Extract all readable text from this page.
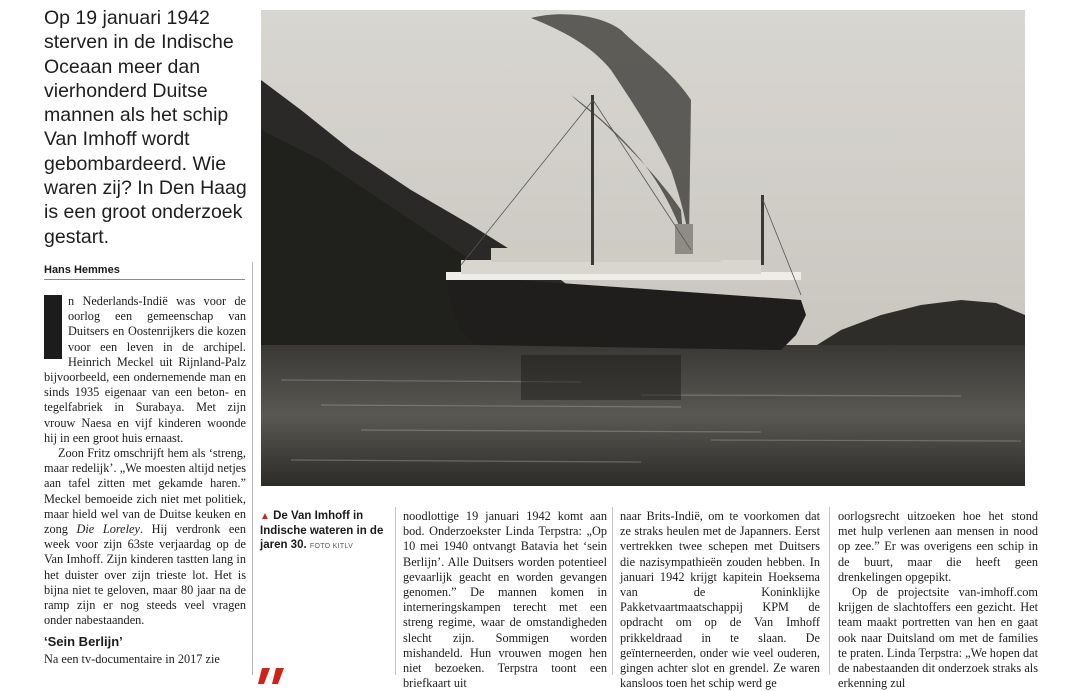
Op 19 januari 1942 sterven in de Indische Oceaan meer dan vierhonderd Duitse mannen als het schip Van Imhoff wordt gebombardeerd. Wie waren zij? In Den Haag is een groot onderzoek gestart.

Hans Hemmes

n Nederlands-Indië was voor de oorlog een gemeenschap van Duitsers en Oostenrijkers die kozen voor een leven in de archipel. Heinrich Meckel uit Rijnland-Palz bijvoorbeeld, een ondernemende man en sinds 1935 eigenaar van een beton- en tegelfabriek in Surabaya. Met zijn vrouw Naesa en vijf kinderen woonde hij in een groot huis ernaast.

Zoon Fritz omschrijft hem als ‘streng, maar redelijk’. „We moesten altijd netjes aan tafel zitten met gekamde haren.” Meckel bemoeide zich niet met politiek, maar hield wel van de Duitse keuken en zong Die Loreley. Hij verdronk een week voor zijn 63ste verjaardag op de Van Imhoff. Zijn kinderen tastten lang in het duister over zijn trieste lot. Het is bijna niet te geloven, maar 80 jaar na de ramp zijn er nog steeds veel vragen onder nabestaanden.

‘Sein Berlijn’

Na een tv-documentaire in 2017 zie

▲ De Van Imhoff in Indische wateren in de jaren 30. FOTO KITLV

noodlottige 19 januari 1942 komt aan bod. Onderzoekster Linda Terpstra: „Op 10 mei 1940 ontvangt Batavia het ‘sein Berlijn’. Alle Duitsers worden potentieel gevaarlijk geacht en worden gevangen genomen.” De mannen komen in interneringskampen terecht met een streng regime, waar de omstandigheden slecht zijn. Sommigen worden mishandeld. Hun vrouwen mogen hen niet bezoeken. Terpstra toont een briefkaart uit

naar Brits-Indië, om te voorkomen dat ze straks heulen met de Japanners. Eerst vertrekken twee schepen met Duitsers die nazisympathieën zouden hebben. In januari 1942 krijgt kapitein Hoeksema van de Koninklijke Pakketvaartmaatschappij KPM de opdracht om op de Van Imhoff prikkeldraad in te slaan. De geïnterneerden, onder wie veel ouderen, gingen achter slot en grendel. Ze waren kansloos toen het schip werd ge

oorlogsrecht uitzoeken hoe het stond met hulp verlenen aan mensen in nood op zee.” Er was overigens een schip in de buurt, maar die heeft geen drenkelingen opgepikt.

Op de projectsite van-imhoff.com krijgen de slachtoffers een gezicht. Het team maakt portretten van hen en gaat ook naar Duitsland om met de families te praten. Linda Terpstra: „We hopen dat de nabestaanden dit onderzoek straks als erkenning zul
